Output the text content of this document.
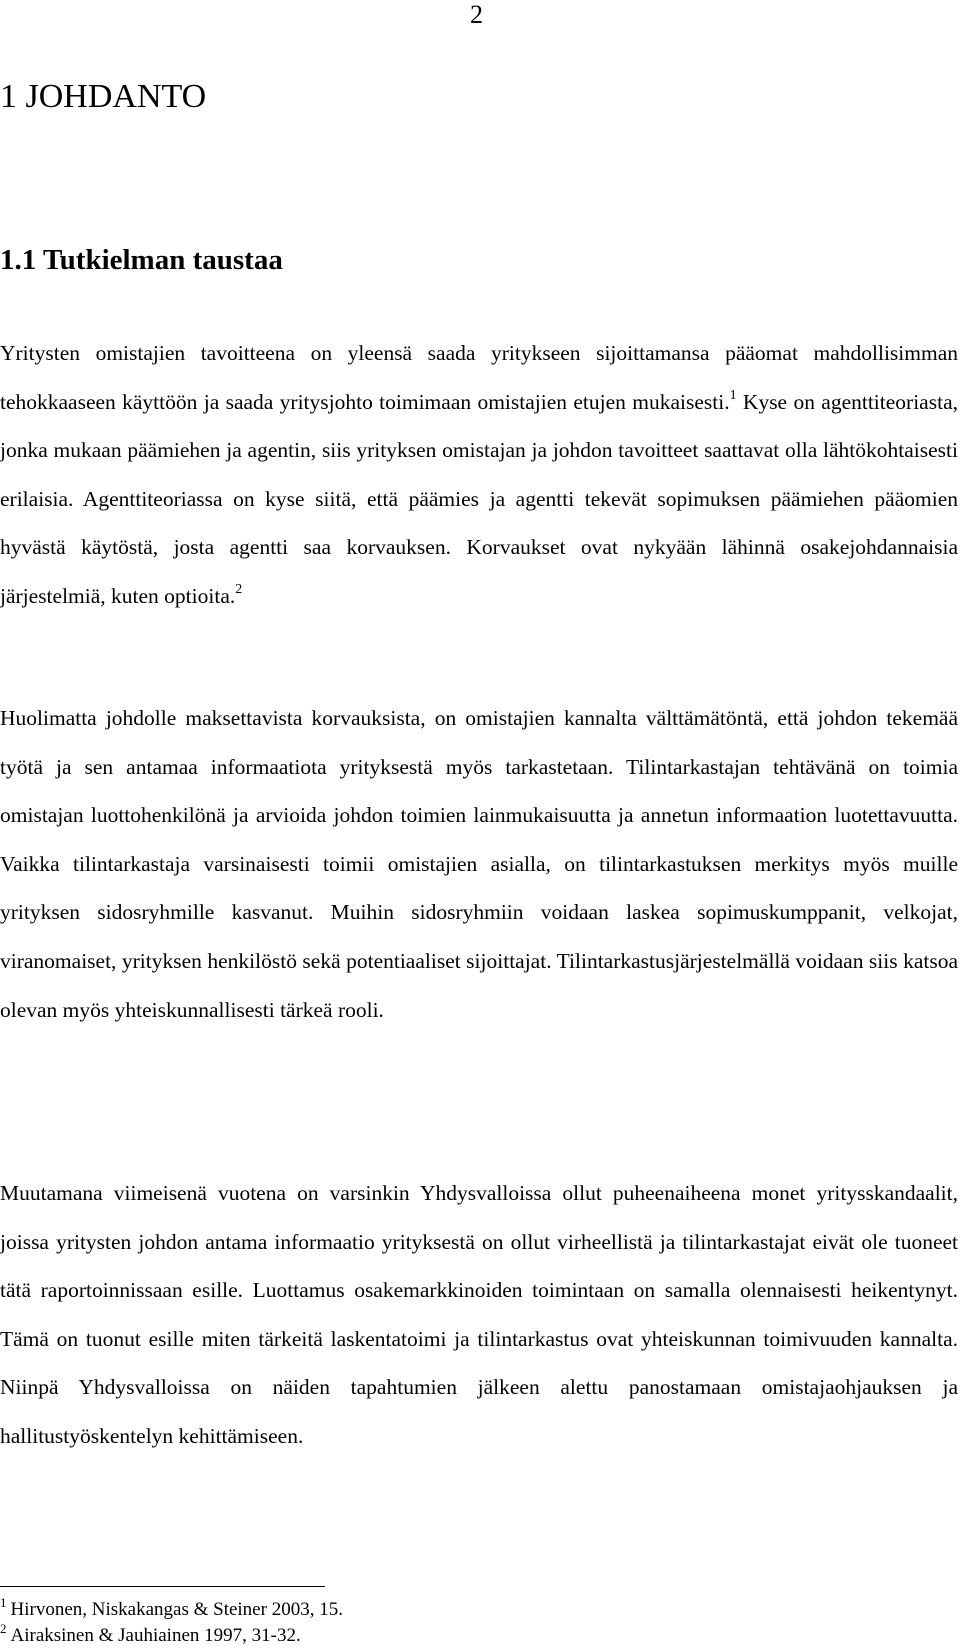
2
1 JOHDANTO
1.1 Tutkielman taustaa

Yritysten omistajien tavoitteena on yleensä saada yritykseen sijoittamansa pääomat mahdollisimman tehokkaaseen käyttöön ja saada yritysjohto toimimaan omistajien etujen mukaisesti.$^1$ Kyse on agenttiteoriasta, jonka mukaan päämiehen ja agentin, siis yrityksen omistajan ja johdon tavoitteet saattavat olla lähtökohtaisesti erilaisia. Agenttiteoriassa on kyse siitä, että päämies ja agentti tekevät sopimuksen päämiehen pääomien hyvästä käytöstä, josta agentti saa korvauksen. Korvaukset ovat nykyään lähinnä osakejohdannaisia järjestelmiä, kuten optioita.$^2$

Huolimatta johdolle maksettavista korvauksista, on omistajien kannalta välttämätöntä, että johdon tekemää työtä ja sen antamaa informaatiota yrityksestä myös tarkastetaan. Tilintarkastajan tehtävänä on toimia omistajan luottohenkilönä ja arvioida johdon toimien lainmukaisuutta ja annetun informaation luotettavuutta. Vaikka tilintarkastaja varsinaisesti toimii omistajien asialla, on tilintarkastuksen merkitys myös muille yrityksen sidosryhmille kasvanut. Muihin sidosryhmiin voidaan laskea sopimuskumppanit, velkojat, viranomaiset, yrityksen henkilöstö sekä potentiaaliset sijoittajat. Tilintarkastusjärjestelmällä voidaan siis katsoa olevan myös yhteiskunnallisesti tärkeä rooli.

Muutamana viimeisenä vuotena on varsinkin Yhdysvalloissa ollut puheenaiheena monet yritysskandaalit, joissa yritysten johdon antama informaatio yrityksestä on ollut virheellistä ja tilintarkastajat eivät ole tuoneet tätä raportoinnissaan esille. Luottamus osakemarkkinoiden toimintaan on samalla olennaisesti heikentynyt. Tämä on tuonut esille miten tärkeitä laskentatoimi ja tilintarkastus ovat yhteiskunnan toimivuuden kannalta. Niinpä Yhdysvalloissa on näiden tapahtumien jälkeen alettu panostamaan omistajaohjauksen ja hallitustyöskentelyn kehittämiseen.

$^1$ Hirvonen, Niskakangas & Steiner 2003, 15.

$^2$ Airaksinen & Jauhiainen 1997, 31-32.
